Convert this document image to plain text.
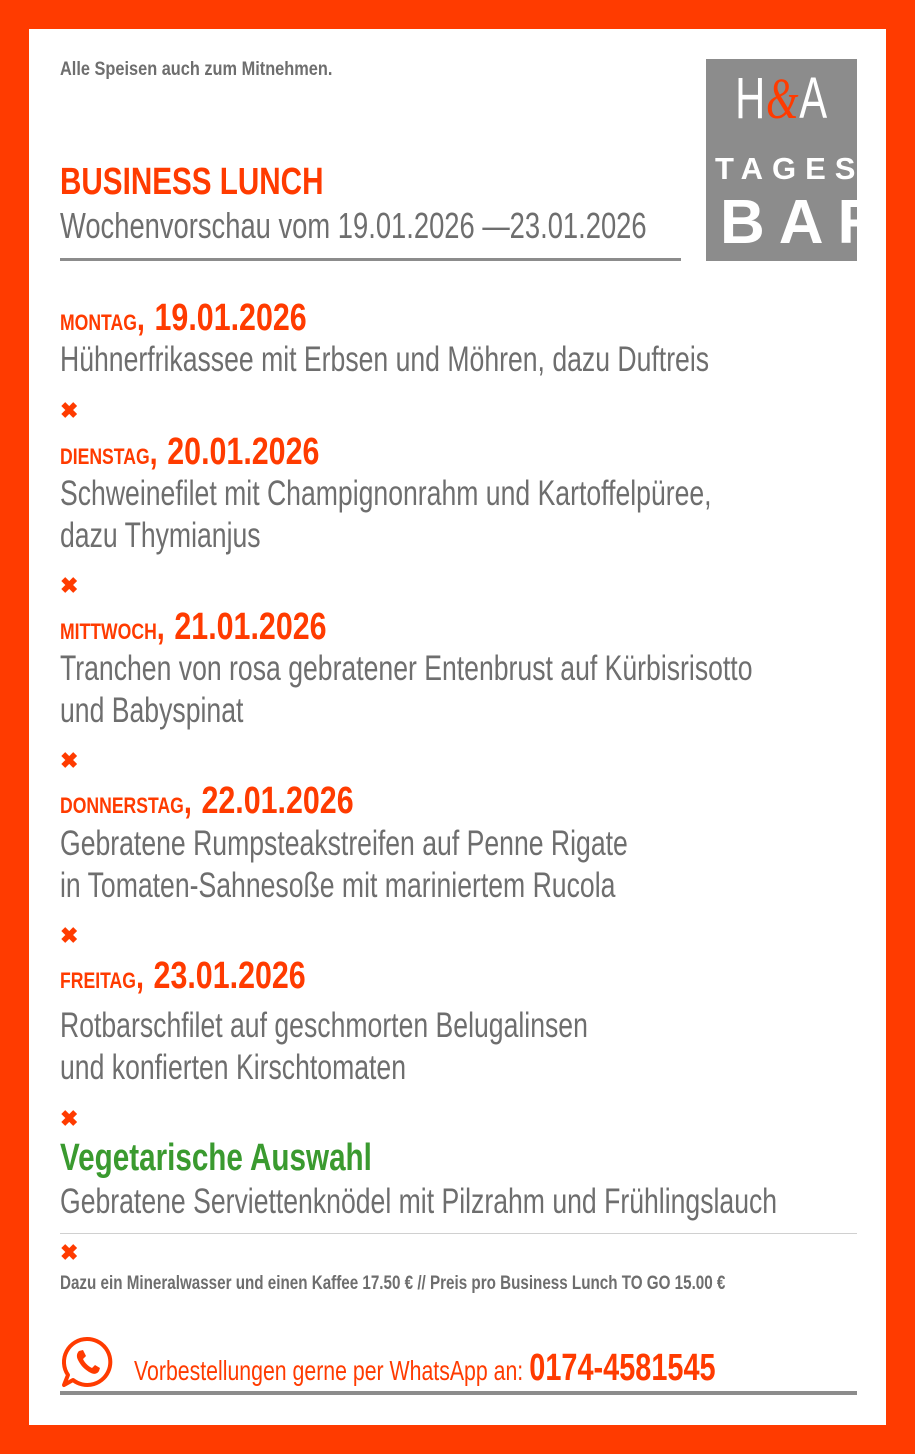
Alle Speisen auch zum Mitnehmen.	H&A
TAGES
BAR
BUSINESS LUNCH
Wochenvorschau vom 19.01.2026 —23.01.2026
MONTAG, 19.01.2026
Hühnerfrikassee mit Erbsen und Möhren, dazu Duftreis
✖
DIENSTAG, 20.01.2026
Schweinefilet mit Champignonrahm und Kartoffelpüree,
dazu Thymianjus
✖
MITTWOCH, 21.01.2026
Tranchen von rosa gebratener Entenbrust auf Kürbisrisotto
und Babyspinat
✖
DONNERSTAG, 22.01.2026
Gebratene Rumpsteakstreifen auf Penne Rigate
in Tomaten-Sahnesoße mit mariniertem Rucola
✖
FREITAG, 23.01.2026
Rotbarschfilet auf geschmorten Belugalinsen
und konfierten Kirschtomaten
✖
Vegetarische Auswahl
Gebratene Serviettenknödel mit Pilzrahm und Frühlingslauch
✖
Dazu ein Mineralwasser und einen Kaffee 17.50 € // Preis pro Business Lunch TO GO 15.00 €
Vorbestellungen gerne per WhatsApp an: 0174-4581545
